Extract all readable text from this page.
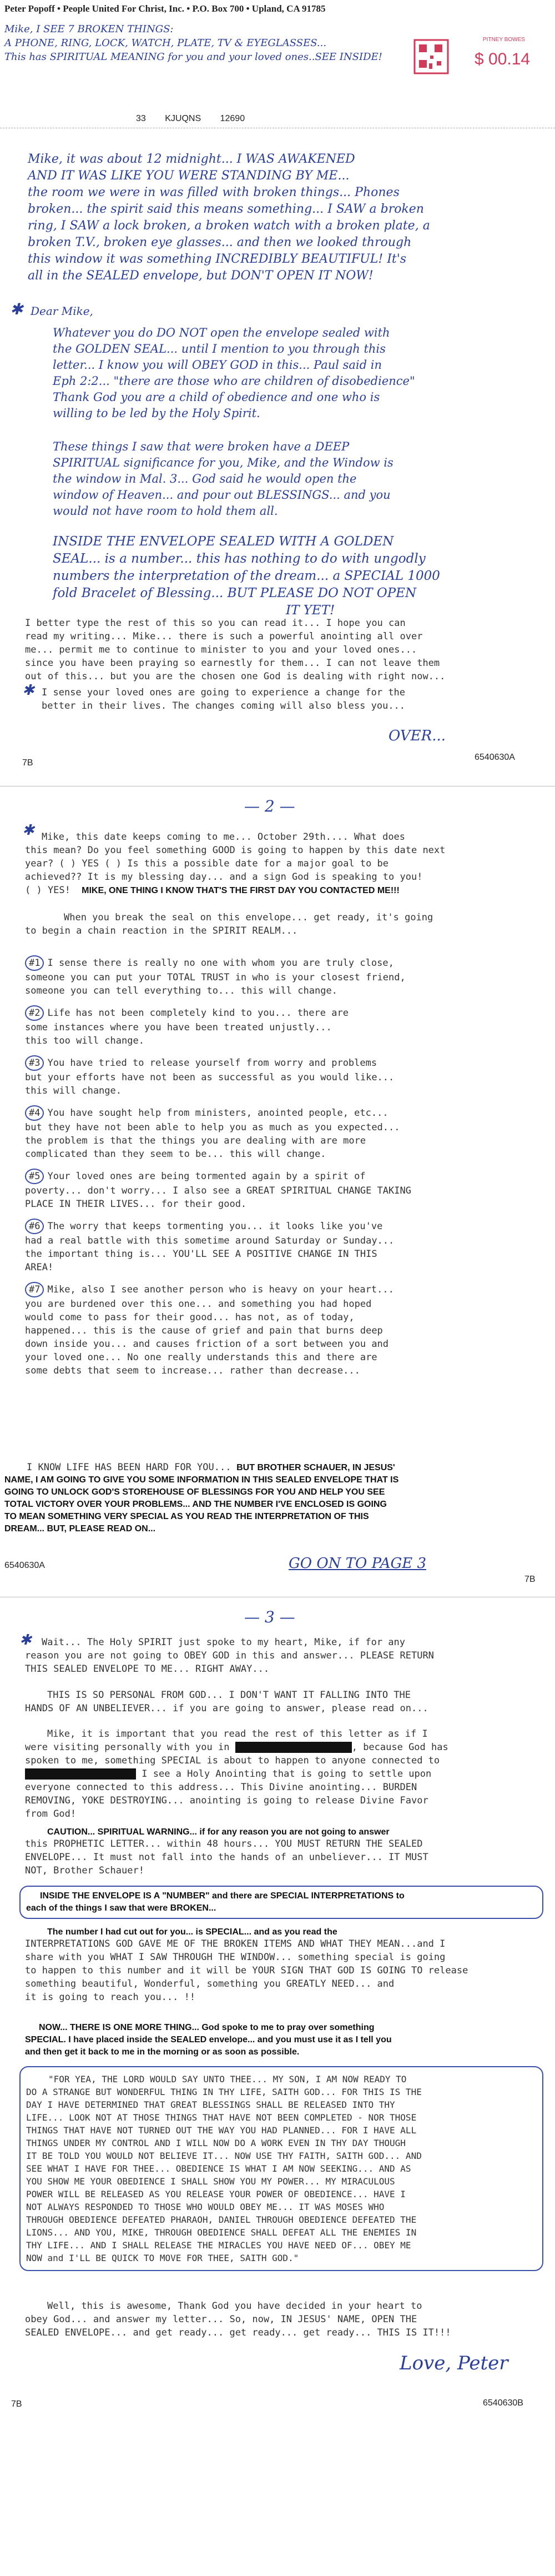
Peter Popoff • People United For Christ, Inc. • P.O. Box 700 • Upland, CA 91785
Mike, I SEE 7 BROKEN THINGS:
A PHONE, RING, LOCK, WATCH, PLATE, TV & EYEGLASSES...
This has SPIRITUAL MEANING for you and your loved ones..SEE INSIDE!
PITNEY BOWES
$ 00.14
33 KJUQNS 12690
Mike, it was about 12 midnight... I WAS AWAKENED
AND IT WAS LIKE YOU WERE STANDING BY ME...
the room we were in was filled with broken things... Phones
broken... the spirit said this means something... I SAW a broken
ring, I SAW a lock broken, a broken watch with a broken plate, a
broken T.V., broken eye glasses... and then we looked through
this window it was something INCREDIBLY BEAUTIFUL! It's
all in the SEALED envelope, but DON'T OPEN IT NOW!
✱ Dear Mike,
Whatever you do DO NOT open the envelope sealed with
the GOLDEN SEAL... until I mention to you through this
letter... I know you will OBEY GOD in this... Paul said in
Eph 2:2... "there are those who are children of disobedience"
Thank God you are a child of obedience and one who is
willing to be led by the Holy Spirit.
These things I saw that were broken have a DEEP
SPIRITUAL significance for you, Mike, and the Window is
the window in Mal. 3... God said he would open the
window of Heaven... and pour out BLESSINGS... and you
would not have room to hold them all.
INSIDE THE ENVELOPE SEALED WITH A GOLDEN
SEAL... is a number... this has nothing to do with ungodly
numbers the interpretation of the dream... a SPECIAL 1000
fold Bracelet of Blessing... BUT PLEASE DO NOT OPEN
IT YET!
I better type the rest of this so you can read it... I hope you can
read my writing... Mike... there is such a powerful anointing all over
me... permit me to continue to minister to you and your loved ones...
since you have been praying so earnestly for them... I can not leave them
out of this... but you are the chosen one God is dealing with right now...
✱ I sense your loved ones are going to experience a change for the
better in their lives. The changes coming will also bless you...
OVER...
7B
6540630A
— 2 —
✱ Mike, this date keeps coming to me... October 29th.... What does
this mean? Do you feel something GOOD is going to happen by this date next
year? ( ) YES ( ) Is this a possible date for a major goal to be
achieved?? It is my blessing day... and a sign God is speaking to you!
( ) YES! MIKE, ONE THING I KNOW THAT'S THE FIRST DAY YOU CONTACTED ME!!!
When you break the seal on this envelope... get ready, it's going
to begin a chain reaction in the SPIRIT REALM...
#1 I sense there is really no one with whom you are truly close,
someone you can put your TOTAL TRUST in who is your closest friend,
someone you can tell everything to... this will change.
#2 Life has not been completely kind to you... there are
some instances where you have been treated unjustly...
this too will change.
#3 You have tried to release yourself from worry and problems
but your efforts have not been as successful as you would like...
this will change.
#4 You have sought help from ministers, anointed people, etc...
but they have not been able to help you as much as you expected...
the problem is that the things you are dealing with are more
complicated than they seem to be... this will change.
#5 Your loved ones are being tormented again by a spirit of
poverty... don't worry... I also see a GREAT SPIRITUAL CHANGE TAKING
PLACE IN THEIR LIVES... for their good.
#6 The worry that keeps tormenting you... it looks like you've
had a real battle with this sometime around Saturday or Sunday...
the important thing is... YOU'LL SEE A POSITIVE CHANGE IN THIS
AREA!
#7 Mike, also I see another person who is heavy on your heart...
you are burdened over this one... and something you had hoped
would come to pass for their good... has not, as of today,
happened... this is the cause of grief and pain that burns deep
down inside you... and causes friction of a sort between you and
your loved one... No one really understands this and there are
some debts that seem to increase... rather than decrease...
I KNOW LIFE HAS BEEN HARD FOR YOU... BUT BROTHER SCHAUER, IN JESUS'
NAME, I AM GOING TO GIVE YOU SOME INFORMATION IN THIS SEALED ENVELOPE THAT IS
GOING TO UNLOCK GOD'S STOREHOUSE OF BLESSINGS FOR YOU AND HELP YOU SEE
TOTAL VICTORY OVER YOUR PROBLEMS... AND THE NUMBER I'VE ENCLOSED IS GOING
TO MEAN SOMETHING VERY SPECIAL AS YOU READ THE INTERPRETATION OF THIS
DREAM... BUT, PLEASE READ ON...
6540630A	GO ON TO PAGE 3
7B
— 3 —
✱	Wait... The Holy SPIRIT just spoke to my heart, Mike, if for any
reason you are not going to OBEY GOD in this and answer... PLEASE RETURN
THIS SEALED ENVELOPE TO ME... RIGHT AWAY...
THIS IS SO PERSONAL FROM GOD... I DON'T WANT IT FALLING INTO THE
HANDS OF AN UNBELIEVER... if you are going to answer, please read on...
Mike, it is important that you read the rest of this letter as if I
were visiting personally with you in	, because God has
spoken to me, something SPECIAL is about to happen to anyone connected to
I see a Holy Anointing that is going to settle upon
everyone connected to this address... This Divine anointing... BURDEN
REMOVING, YOKE DESTROYING... anointing is going to release Divine Favor
from God!
CAUTION... SPIRITUAL WARNING... if for any reason you are not going to answer
this PROPHETIC LETTER... within 48 hours... YOU MUST RETURN THE SEALED
ENVELOPE... It must not fall into the hands of an unbeliever... IT MUST
NOT, Brother Schauer!
INSIDE THE ENVELOPE IS A "NUMBER" and there are SPECIAL INTERPRETATIONS to
each of the things I saw that were BROKEN...
The number I had cut out for you... is SPECIAL... and as you read the
INTERPRETATIONS GOD GAVE ME OF THE BROKEN ITEMS AND WHAT THEY MEAN...and I
share with you WHAT I SAW THROUGH THE WINDOW... something special is going
to happen to this number and it will be YOUR SIGN THAT GOD IS GOING TO release
something beautiful, Wonderful, something you GREATLY NEED... and
it is going to reach you... !!
NOW... THERE IS ONE MORE THING... God spoke to me to pray over something
SPECIAL. I have placed inside the SEALED envelope... and you must use it as I tell you
and then get it back to me in the morning or as soon as possible.
"FOR YEA, THE LORD WOULD SAY UNTO THEE... MY SON, I AM NOW READY TO
DO A STRANGE BUT WONDERFUL THING IN THY LIFE, SAITH GOD... FOR THIS IS THE
DAY I HAVE DETERMINED THAT GREAT BLESSINGS SHALL BE RELEASED INTO THY
LIFE... LOOK NOT AT THOSE THINGS THAT HAVE NOT BEEN COMPLETED - NOR THOSE
THINGS THAT HAVE NOT TURNED OUT THE WAY YOU HAD PLANNED... FOR I HAVE ALL
THINGS UNDER MY CONTROL AND I WILL NOW DO A WORK EVEN IN THY DAY THOUGH
IT BE TOLD YOU WOULD NOT BELIEVE IT... NOW USE THY FAITH, SAITH GOD... AND
SEE WHAT I HAVE FOR THEE... OBEDIENCE IS WHAT I AM NOW SEEKING... AND AS
YOU SHOW ME YOUR OBEDIENCE I SHALL SHOW YOU MY POWER... MY MIRACULOUS
POWER WILL BE RELEASED AS YOU RELEASE YOUR POWER OF OBEDIENCE... HAVE I
NOT ALWAYS RESPONDED TO THOSE WHO WOULD OBEY ME... IT WAS MOSES WHO
THROUGH OBEDIENCE DEFEATED PHARAOH, DANIEL THROUGH OBEDIENCE DEFEATED THE
LIONS... AND YOU, MIKE, THROUGH OBEDIENCE SHALL DEFEAT ALL THE ENEMIES IN
THY LIFE... AND I SHALL RELEASE THE MIRACLES YOU HAVE NEED OF... OBEY ME
NOW and I'LL BE QUICK TO MOVE FOR THEE, SAITH GOD."
Well, this is awesome, Thank God you have decided in your heart to
obey God... and answer my letter... So, now, IN JESUS' NAME, OPEN THE
SEALED ENVELOPE... and get ready... get ready... get ready... THIS IS IT!!!
Love, Peter
7B	6540630B
